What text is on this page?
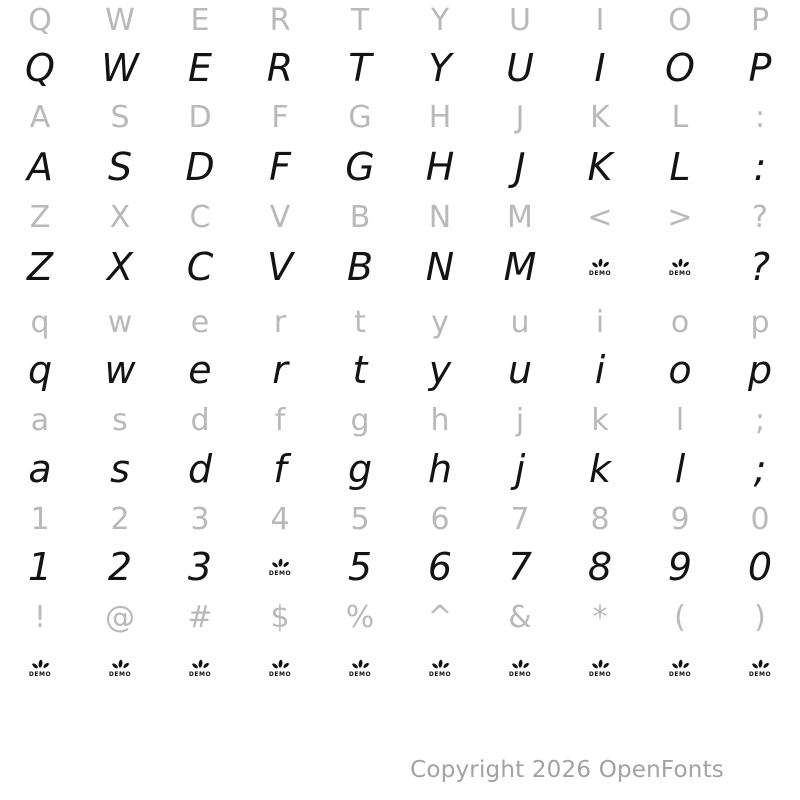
Q	W	E	R	T	Y	U	I	O	P
Q	W	E	R	T	Y	U	I	O	P
A	S	D	F	G	H	J	K	L	:
A	S	D	F	G	H	J	K	L	:
Z	X	C	V	B	N	M	<	>	?
Z	X	C	V	B	N	M	DEMO	DEMO	?
q	w	e	r	t	y	u	i	o	p
q	w	e	r	t	y	u	i	o	p
a	s	d	f	g	h	j	k	l	;
a	s	d	f	g	h	j	k	l	;
1	2	3	4	5	6	7	8	9	0
1	2	3	DEMO	5	6	7	8	9	0
!	@	#	$	%	^	&	*	(	)
DEMO	DEMO	DEMO	DEMO	DEMO	DEMO	DEMO	DEMO	DEMO	DEMO
Copyright 2026 OpenFonts
